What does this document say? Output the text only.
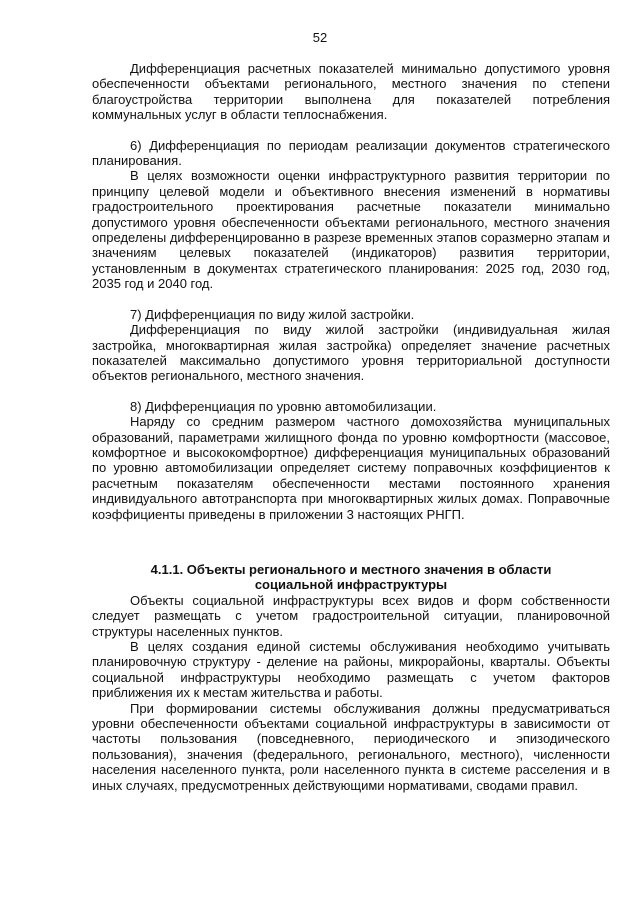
52

Дифференциация расчетных показателей минимально допустимого уровня обеспеченности объектами регионального, местного значения по степени благоустройства территории выполнена для показателей потребления коммунальных услуг в области теплоснабжения.

6) Дифференциация по периодам реализации документов стратегического планирования.

В целях возможности оценки инфраструктурного развития территории по принципу целевой модели и объективного внесения изменений в нормативы градостроительного проектирования расчетные показатели минимально допустимого уровня обеспеченности объектами регионального, местного значения определены дифференцированно в разрезе временных этапов соразмерно этапам и значениям целевых показателей (индикаторов) развития территории, установленным в документах стратегического планирования: 2025 год, 2030 год, 2035 год и 2040 год.

7) Дифференциация по виду жилой застройки.

Дифференциация по виду жилой застройки (индивидуальная жилая застройка, многоквартирная жилая застройка) определяет значение расчетных показателей максимально допустимого уровня территориальной доступности объектов регионального, местного значения.

8) Дифференциация по уровню автомобилизации.

Наряду со средним размером частного домохозяйства муниципальных образований, параметрами жилищного фонда по уровню комфортности (массовое, комфортное и высококомфортное) дифференциация муниципальных образований по уровню автомобилизации определяет систему поправочных коэффициентов к расчетным показателям обеспеченности местами постоянного хранения индивидуального автотранспорта при многоквартирных жилых домах. Поправочные коэффициенты приведены в приложении 3 настоящих РНГП.

4.1.1. Объекты регионального и местного значения в области социальной инфраструктуры

Объекты социальной инфраструктуры всех видов и форм собственности следует размещать с учетом градостроительной ситуации, планировочной структуры населенных пунктов.

В целях создания единой системы обслуживания необходимо учитывать планировочную структуру - деление на районы, микрорайоны, кварталы. Объекты социальной инфраструктуры необходимо размещать с учетом факторов приближения их к местам жительства и работы.

При формировании системы обслуживания должны предусматриваться уровни обеспеченности объектами социальной инфраструктуры в зависимости от частоты пользования (повседневного, периодического и эпизодического пользования), значения (федерального, регионального, местного), численности населения населенного пункта, роли населенного пункта в системе расселения и в иных случаях, предусмотренных действующими нормативами, сводами правил.
